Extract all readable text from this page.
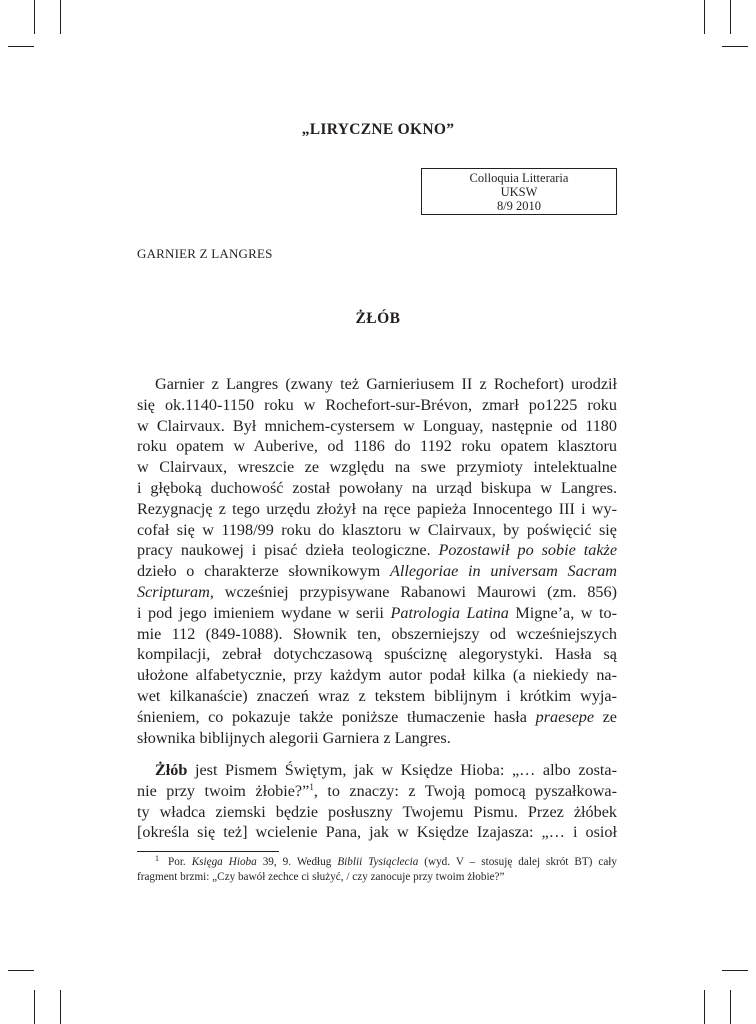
„LIRYCZNE OKNO”
Colloquia Litteraria
UKSW
8/9 2010
GARNIER Z LANGRES
ŻŁÓB
Garnier z Langres (zwany też Garnieriusem II z Rochefort) urodził
się ok.1140-1150 roku w Rochefort-sur-Brévon, zmarł po1225 roku
w Clairvaux. Był mnichem-cystersem w Longuay, następnie od 1180
roku opatem w Auberive, od 1186 do 1192 roku opatem klasztoru
w Clairvaux, wreszcie ze względu na swe przymioty intelektualne
i głęboką duchowość został powołany na urząd biskupa w Langres.
Rezygnację z tego urzędu złożył na ręce papieża Innocentego III i wy-
cofał się w 1198/99 roku do klasztoru w Clairvaux, by poświęcić się
pracy naukowej i pisać dzieła teologiczne. Pozostawił po sobie także
dzieło o charakterze słownikowym Allegoriae in universam Sacram
Scripturam, wcześniej przypisywane Rabanowi Maurowi (zm. 856)
i pod jego imieniem wydane w serii Patrologia Latina Migne’a, w to-
mie 112 (849-1088). Słownik ten, obszerniejszy od wcześniejszych
kompilacji, zebrał dotychczasową spuściznę alegorystyki. Hasła są
ułożone alfabetycznie, przy każdym autor podał kilka (a niekiedy na-
wet kilkanaście) znaczeń wraz z tekstem biblijnym i krótkim wyja-
śnieniem, co pokazuje także poniższe tłumaczenie hasła praesepe ze
słownika biblijnych alegorii Garniera z Langres.
Żłób jest Pismem Świętym, jak w Księdze Hioba: „… albo zosta-
nie przy twoim żłobie?”$^1$, to znaczy: z Twoją pomocą pyszałkowa-
ty władca ziemski będzie posłuszny Twojemu Pismu. Przez żłóbek
[określa się też] wcielenie Pana, jak w Księdze Izajasza: „… i osioł
$^1$ Por. Księga Hioba 39, 9. Według Biblii Tysiąclecia (wyd. V – stosuję dalej skrót BT) cały
fragment brzmi: „Czy bawół zechce ci służyć, / czy zanocuje przy twoim żłobie?”
